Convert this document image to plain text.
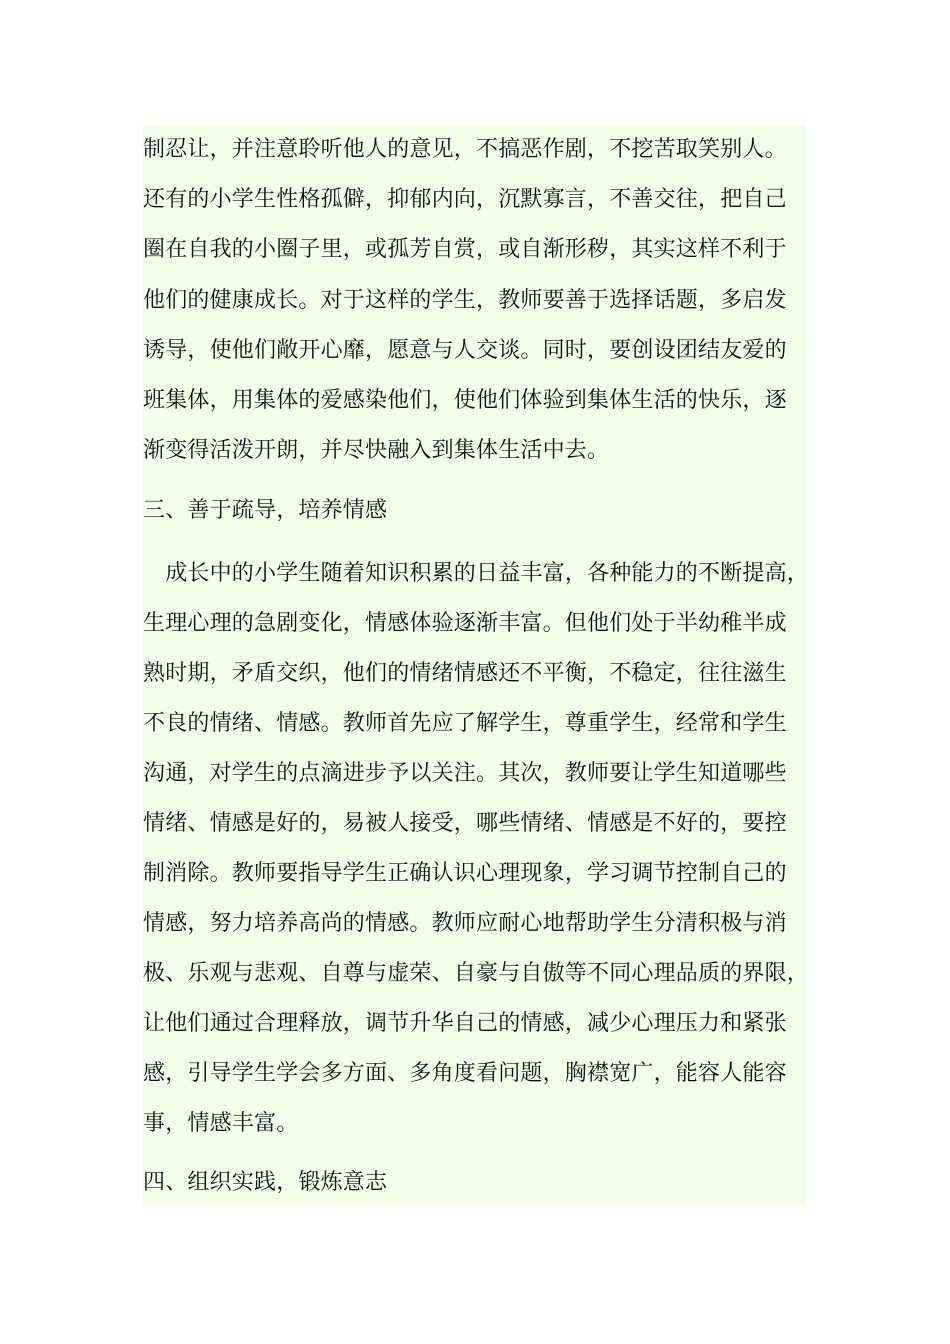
制忍让，并注意聆听他人的意见，不搞恶作剧，不挖苦取笑别人。
还有的小学生性格孤僻，抑郁内向，沉默寡言，不善交往，把自己
圈在自我的小圈子里，或孤芳自赏，或自渐形秽，其实这样不利于
他们的健康成长。对于这样的学生，教师要善于选择话题，多启发
诱导，使他们敞开心靡，愿意与人交谈。同时，要创设团结友爱的
班集体，用集体的爱感染他们，使他们体验到集体生活的快乐，逐
渐变得活泼开朗，并尽快融入到集体生活中去。
三、善于疏导，培养情感
　成长中的小学生随着知识积累的日益丰富，各种能力的不断提高，
生理心理的急剧变化，情感体验逐渐丰富。但他们处于半幼稚半成
熟时期，矛盾交织，他们的情绪情感还不平衡，不稳定，往往滋生
不良的情绪、情感。教师首先应了解学生，尊重学生，经常和学生
沟通，对学生的点滴进步予以关注。其次，教师要让学生知道哪些
情绪、情感是好的，易被人接受，哪些情绪、情感是不好的，要控
制消除。教师要指导学生正确认识心理现象，学习调节控制自己的
情感，努力培养高尚的情感。教师应耐心地帮助学生分清积极与消
极、乐观与悲观、自尊与虚荣、自豪与自傲等不同心理品质的界限，
让他们通过合理释放，调节升华自己的情感，减少心理压力和紧张
感，引导学生学会多方面、多角度看问题，胸襟宽广，能容人能容
事，情感丰富。
四、组织实践，锻炼意志
